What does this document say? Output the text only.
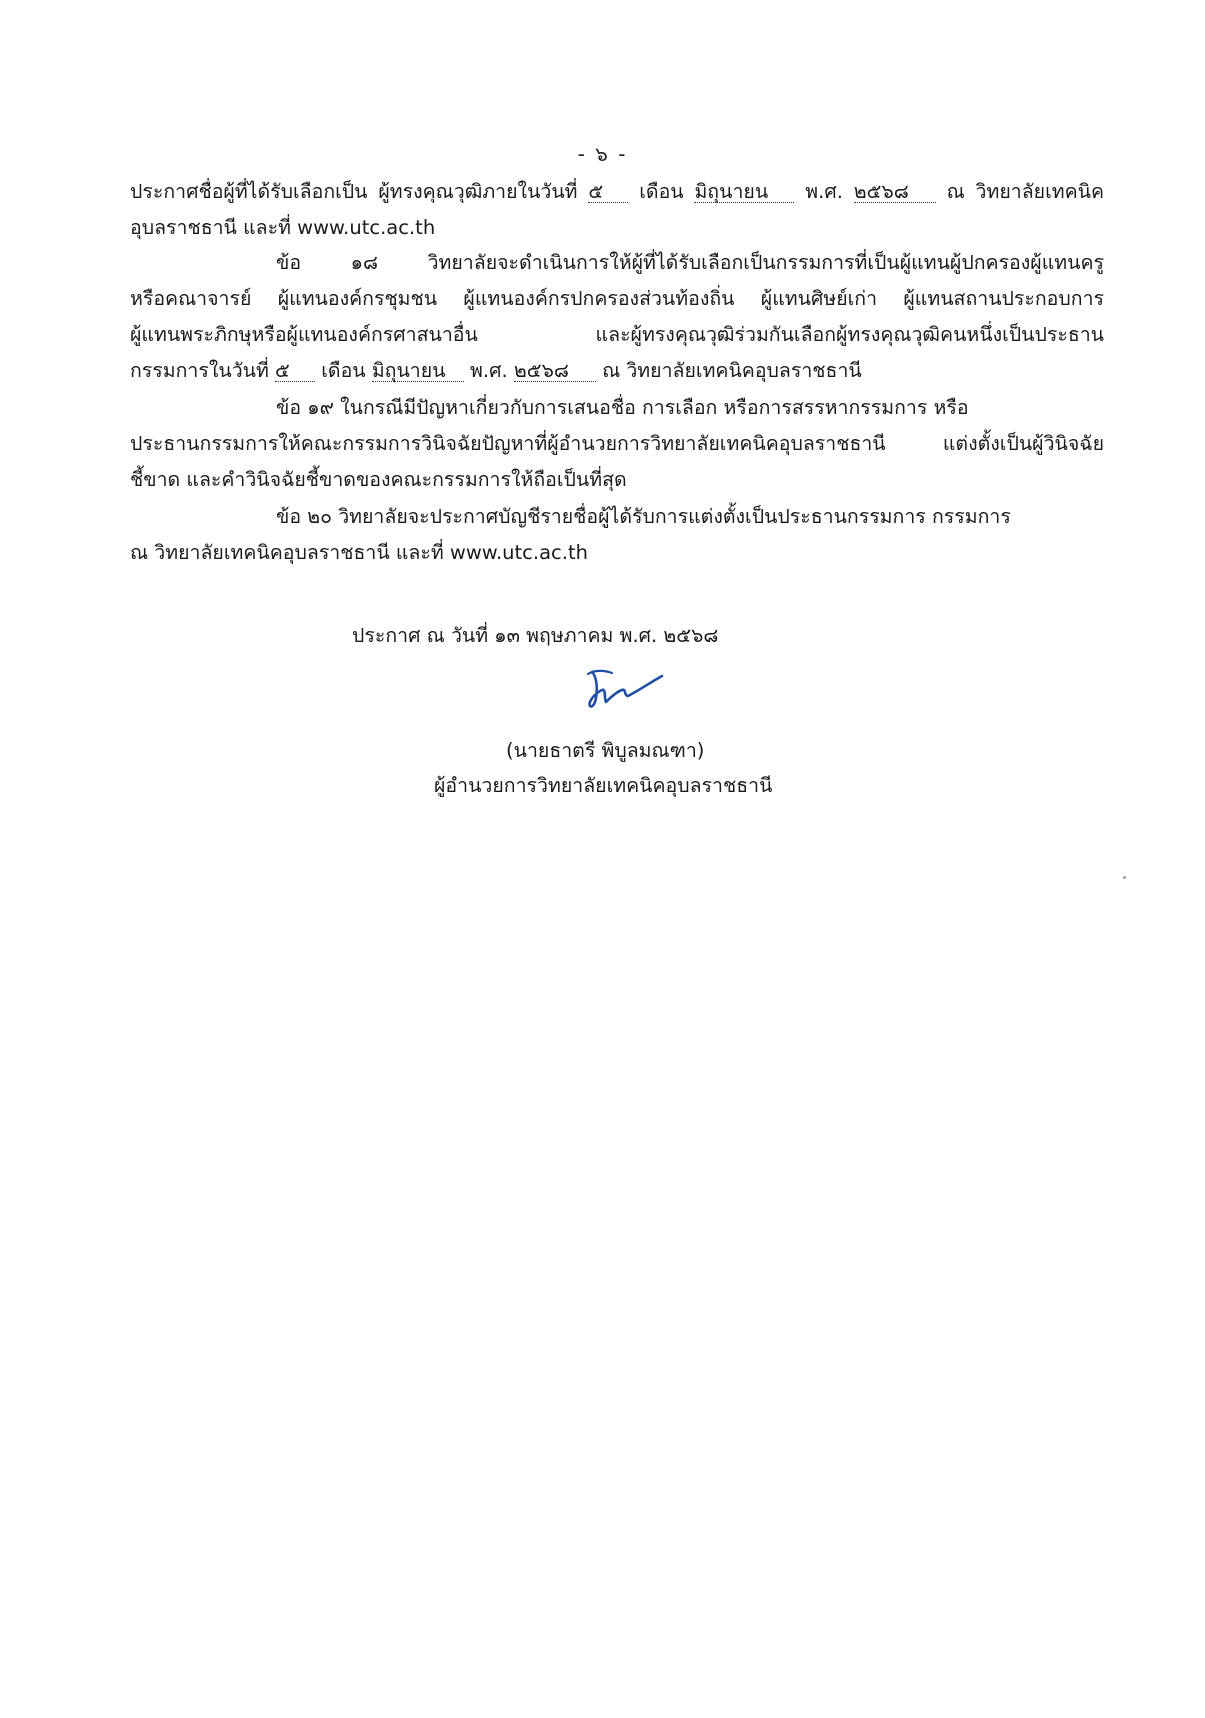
- ๖ -
ประกาศชื่อผู้ที่ได้รับเลือกเป็น ผู้ทรงคุณวุฒิภายในวันที่ ๕ เดือน มิถุนายน พ.ศ. ๒๕๖๘ ณ วิทยาลัยเทคนิค
อุบลราชธานี และที่ www.utc.ac.th
ข้อ ๑๘ วิทยาลัยจะดำเนินการให้ผู้ที่ได้รับเลือกเป็นกรรมการที่เป็นผู้แทนผู้ปกครองผู้แทนครู
หรือคณาจารย์ ผู้แทนองค์กรชุมชน ผู้แทนองค์กรปกครองส่วนท้องถิ่น ผู้แทนศิษย์เก่า ผู้แทนสถานประกอบการ
ผู้แทนพระภิกษุหรือผู้แทนองค์กรศาสนาอื่น และผู้ทรงคุณวุฒิร่วมกันเลือกผู้ทรงคุณวุฒิคนหนึ่งเป็นประธาน
กรรมการในวันที่ ๕ เดือน มิถุนายน พ.ศ. ๒๕๖๘ ณ วิทยาลัยเทคนิคอุบลราชธานี
ข้อ ๑๙ ในกรณีมีปัญหาเกี่ยวกับการเสนอชื่อ การเลือก หรือการสรรหากรรมการ หรือ
ประธานกรรมการให้คณะกรรมการวินิจฉัยปัญหาที่ผู้อำนวยการวิทยาลัยเทคนิคอุบลราชธานี แต่งตั้งเป็นผู้วินิจฉัย
ชี้ขาด และคำวินิจฉัยชี้ขาดของคณะกรรมการให้ถือเป็นที่สุด
ข้อ ๒๐ วิทยาลัยจะประกาศบัญชีรายชื่อผู้ได้รับการแต่งตั้งเป็นประธานกรรมการ กรรมการ
ณ วิทยาลัยเทคนิคอุบลราชธานี และที่ www.utc.ac.th
ประกาศ ณ วันที่ ๑๓ พฤษภาคม พ.ศ. ๒๕๖๘
(นายธาตรี พิบูลมณฑา)
ผู้อำนวยการวิทยาลัยเทคนิคอุบลราชธานี
